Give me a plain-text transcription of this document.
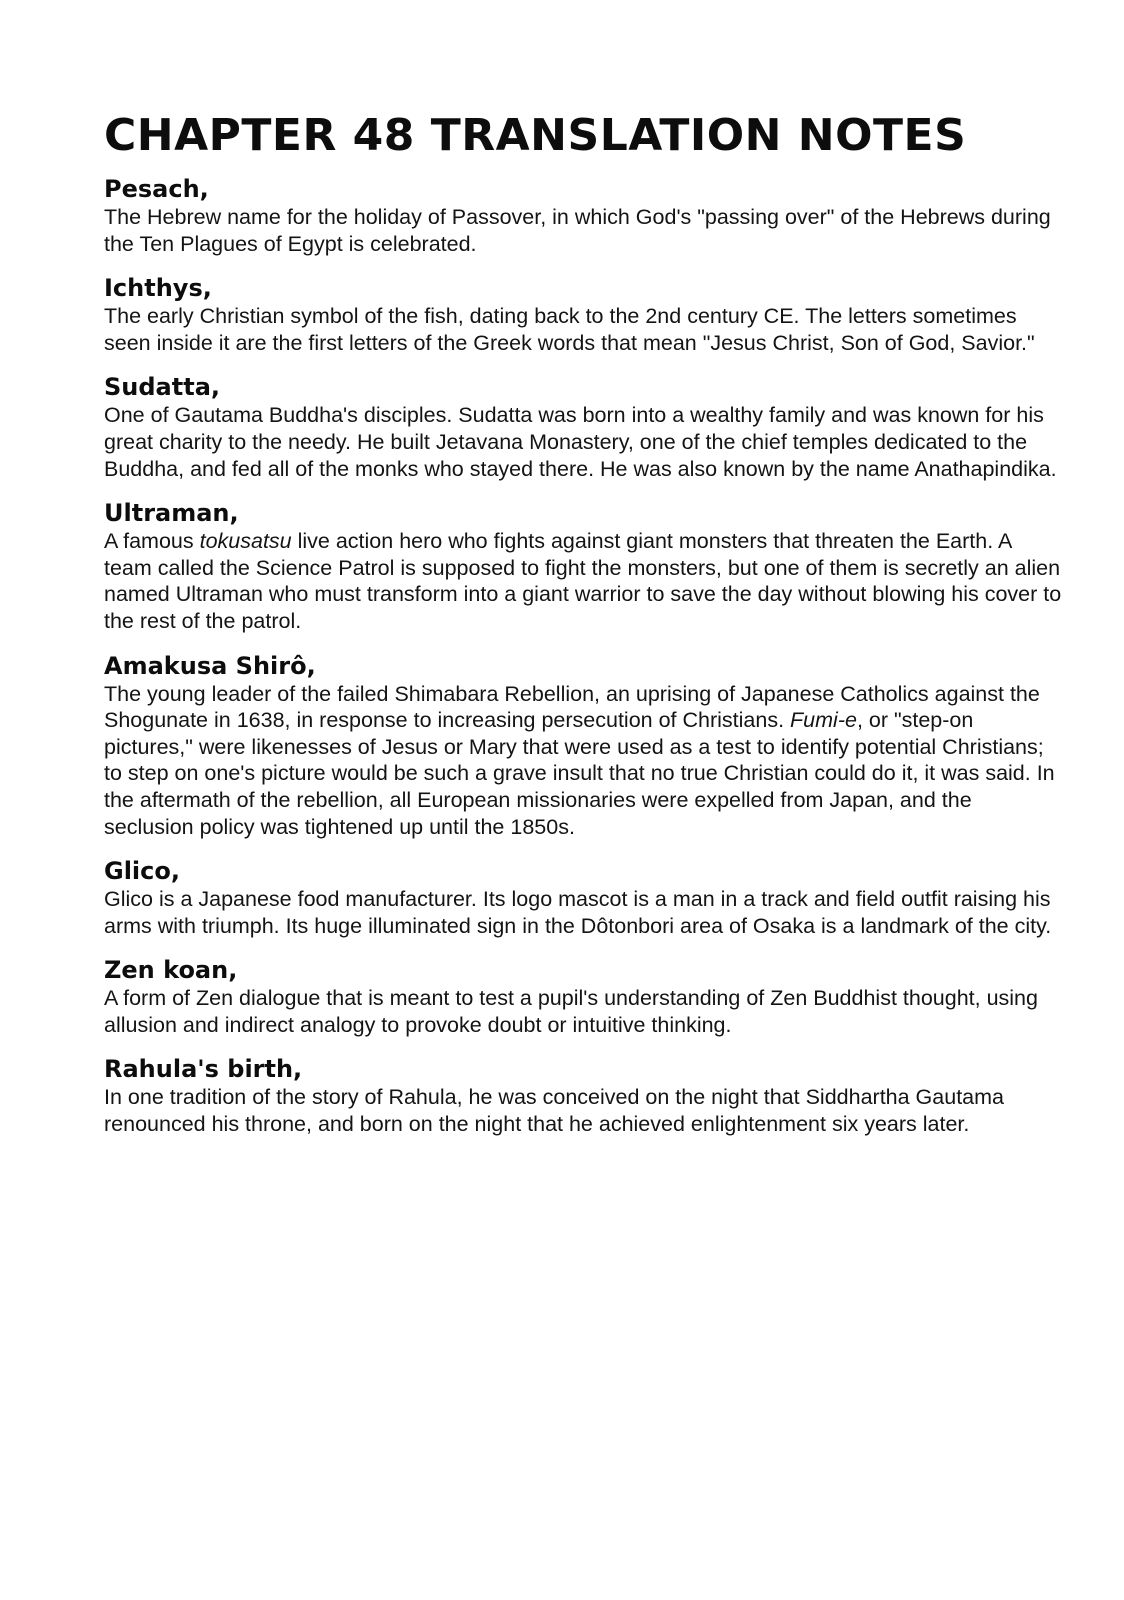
CHAPTER 48 TRANSLATION NOTES
Pesach,

The Hebrew name for the holiday of Passover, in which God's "passing over" of the Hebrews during the Ten Plagues of Egypt is celebrated.

Ichthys,

The early Christian symbol of the fish, dating back to the 2nd century CE. The letters sometimes seen inside it are the first letters of the Greek words that mean "Jesus Christ, Son of God, Savior."

Sudatta,

One of Gautama Buddha's disciples. Sudatta was born into a wealthy family and was known for his great charity to the needy. He built Jetavana Monastery, one of the chief temples dedicated to the Buddha, and fed all of the monks who stayed there. He was also known by the name Anathapindika.

Ultraman,

A famous tokusatsu live action hero who fights against giant monsters that threaten the Earth. A team called the Science Patrol is supposed to fight the monsters, but one of them is secretly an alien named Ultraman who must transform into a giant warrior to save the day without blowing his cover to the rest of the patrol.

Amakusa Shirô,

The young leader of the failed Shimabara Rebellion, an uprising of Japanese Catholics against the Shogunate in 1638, in response to increasing persecution of Christians. Fumi-e, or "step-on pictures," were likenesses of Jesus or Mary that were used as a test to identify potential Christians; to step on one's picture would be such a grave insult that no true Christian could do it, it was said. In the aftermath of the rebellion, all European missionaries were expelled from Japan, and the seclusion policy was tightened up until the 1850s.

Glico,

Glico is a Japanese food manufacturer. Its logo mascot is a man in a track and field outfit raising his arms with triumph. Its huge illuminated sign in the Dôtonbori area of Osaka is a landmark of the city.

Zen koan,

A form of Zen dialogue that is meant to test a pupil's understanding of Zen Buddhist thought, using allusion and indirect analogy to provoke doubt or intuitive thinking.

Rahula's birth,

In one tradition of the story of Rahula, he was conceived on the night that Siddhartha Gautama renounced his throne, and born on the night that he achieved enlightenment six years later.
